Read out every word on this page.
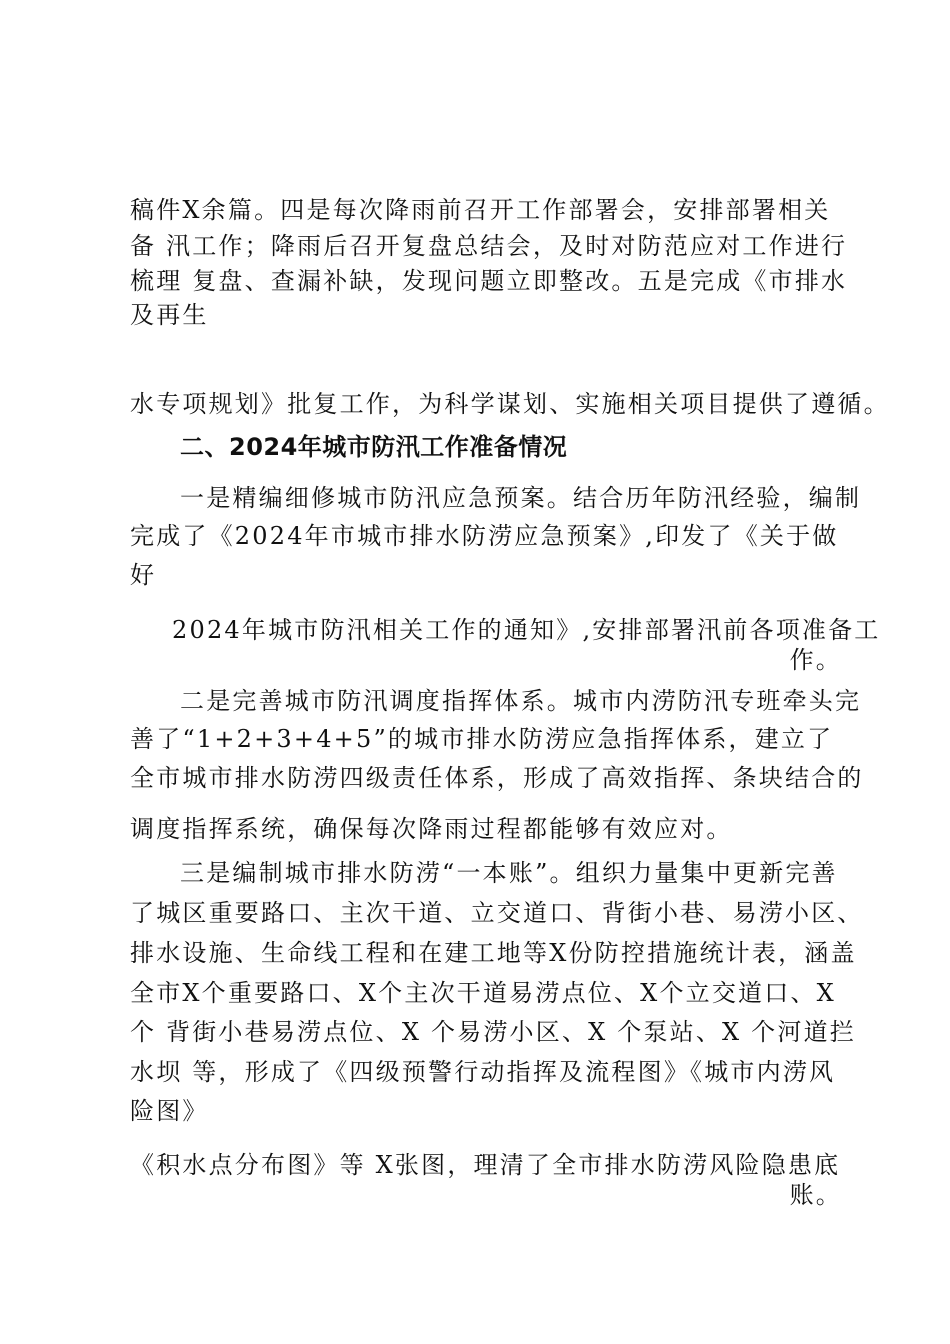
稿件X余篇。四是每次降雨前召开工作部署会，安排部署相关
备 汛工作；降雨后召开复盘总结会，及时对防范应对工作进行
梳理 复盘、查漏补缺，发现问题立即整改。五是完成《市排水
及再生
水专项规划》批复工作，为科学谋划、实施相关项目提供了遵循。
二、2024年城市防汛工作准备情况
一是精编细修城市防汛应急预案。结合历年防汛经验，编制
完成了《2024年市城市排水防涝应急预案》,印发了《关于做
好
2024年城市防汛相关工作的通知》,安排部署汛前各项准备工
作。
二是完善城市防汛调度指挥体系。城市内涝防汛专班牵头完
善了“1+2+3+4+5”的城市排水防涝应急指挥体系，建立了
全市城市排水防涝四级责任体系，形成了高效指挥、条块结合的
调度指挥系统，确保每次降雨过程都能够有效应对。
三是编制城市排水防涝“一本账”。组织力量集中更新完善
了城区重要路口、主次干道、立交道口、背街小巷、易涝小区、
排水设施、生命线工程和在建工地等X份防控措施统计表，涵盖
全市X个重要路口、X个主次干道易涝点位、X个立交道口、X
个 背街小巷易涝点位、X 个易涝小区、X 个泵站、X 个河道拦
水坝 等，形成了《四级预警行动指挥及流程图》《城市内涝风
险图》
《积水点分布图》等 X张图，理清了全市排水防涝风险隐患底
账。
